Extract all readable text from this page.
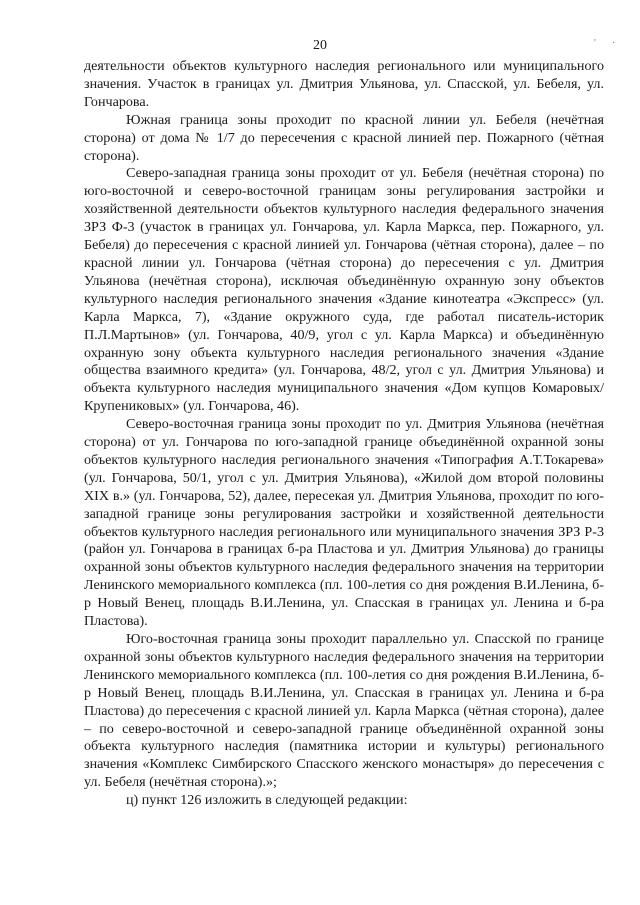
' ·
20

деятельности объектов культурного наследия регионального или муниципального значения. Участок в границах ул. Дмитрия Ульянова, ул. Спасской, ул. Бебеля, ул. Гончарова.

Южная граница зоны проходит по красной линии ул. Бебеля (нечётная сторона) от дома № 1/7 до пересечения с красной линией пер. Пожарного (чётная сторона).

Северо-западная граница зоны проходит от ул. Бебеля (нечётная сторона) по юго-восточной и северо-восточной границам зоны регулирования застройки и хозяйственной деятельности объектов культурного наследия федерального значения ЗРЗ Ф-3 (участок в границах ул. Гончарова, ул. Карла Маркса, пер. Пожарного, ул. Бебеля) до пересечения с красной линией ул. Гончарова (чётная сторона), далее – по красной линии ул. Гончарова (чётная сторона) до пересечения с ул. Дмитрия Ульянова (нечётная сторона), исключая объединённую охранную зону объектов культурного наследия регионального значения «Здание кинотеатра «Экспресс» (ул. Карла Маркса, 7), «Здание окружного суда, где работал писатель-историк П.Л.Мартынов» (ул. Гончарова, 40/9, угол с ул. Карла Маркса) и объединённую охранную зону объекта культурного наследия регионального значения «Здание общества взаимного кредита» (ул. Гончарова, 48/2, угол с ул. Дмитрия Ульянова) и объекта культурного наследия муниципального значения «Дом купцов Комаровых/Крупениковых» (ул. Гончарова, 46).

Северо-восточная граница зоны проходит по ул. Дмитрия Ульянова (нечётная сторона) от ул. Гончарова по юго-западной границе объединённой охранной зоны объектов культурного наследия регионального значения «Типография А.Т.Токарева» (ул. Гончарова, 50/1, угол с ул. Дмитрия Ульянова), «Жилой дом второй половины XIX в.» (ул. Гончарова, 52), далее, пересекая ул. Дмитрия Ульянова, проходит по юго-западной границе зоны регулирования застройки и хозяйственной деятельности объектов культурного наследия регионального или муниципального значения ЗРЗ Р-3 (район ул. Гончарова в границах б-ра Пластова и ул. Дмитрия Ульянова) до границы охранной зоны объектов культурного наследия федерального значения на территории Ленинского мемориального комплекса (пл. 100-летия со дня рождения В.И.Ленина, б-р Новый Венец, площадь В.И.Ленина, ул. Спасская в границах ул. Ленина и б-ра Пластова).

Юго-восточная граница зоны проходит параллельно ул. Спасской по границе охранной зоны объектов культурного наследия федерального значения на территории Ленинского мемориального комплекса (пл. 100-летия со дня рождения В.И.Ленина, б-р Новый Венец, площадь В.И.Ленина, ул. Спасская в границах ул. Ленина и б-ра Пластова) до пересечения с красной линией ул. Карла Маркса (чётная сторона), далее – по северо-восточной и северо-западной границе объединённой охранной зоны объекта культурного наследия (памятника истории и культуры) регионального значения «Комплекс Симбирского Спасского женского монастыря» до пересечения с ул. Бебеля (нечётная сторона).»;

ц) пункт 126 изложить в следующей редакции:
